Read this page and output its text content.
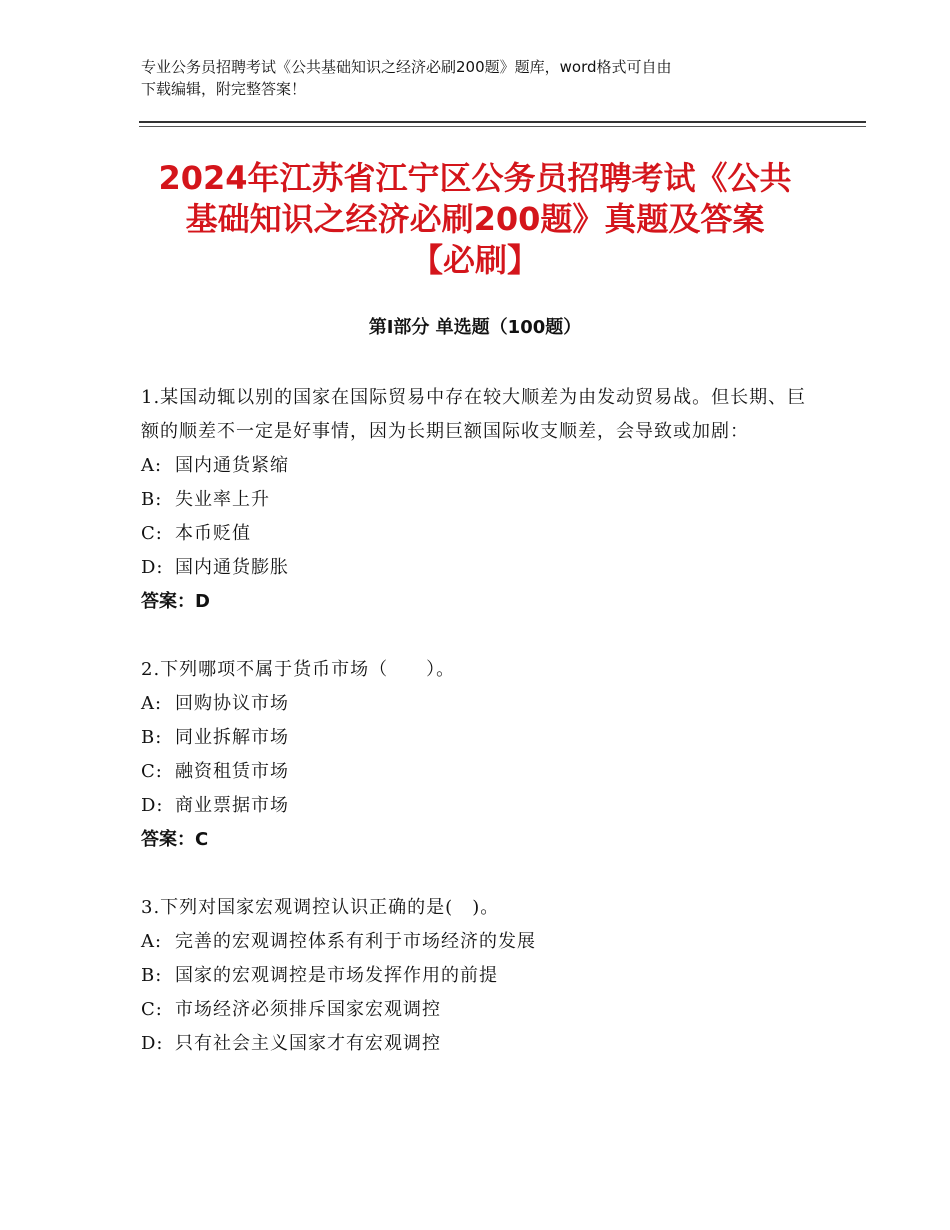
专业公务员招聘考试《公共基础知识之经济必刷200题》题库，word格式可自由
下载编辑，附完整答案！
2024年江苏省江宁区公务员招聘考试《公共
基础知识之经济必刷200题》真题及答案
【必刷】
第Ⅰ部分 单选题（100题）
1.某国动辄以别的国家在国际贸易中存在较大顺差为由发动贸易战。但长期、巨额的顺差不一定是好事情，因为长期巨额国际收支顺差，会导致或加剧：
A: 国内通货紧缩
B: 失业率上升
C: 本币贬值
D: 国内通货膨胀
答案：D
2.下列哪项不属于货币市场（　　）。
A: 回购协议市场
B: 同业拆解市场
C: 融资租赁市场
D: 商业票据市场
答案：C
3.下列对国家宏观调控认识正确的是(　)。
A: 完善的宏观调控体系有利于市场经济的发展
B: 国家的宏观调控是市场发挥作用的前提
C: 市场经济必须排斥国家宏观调控
D: 只有社会主义国家才有宏观调控
